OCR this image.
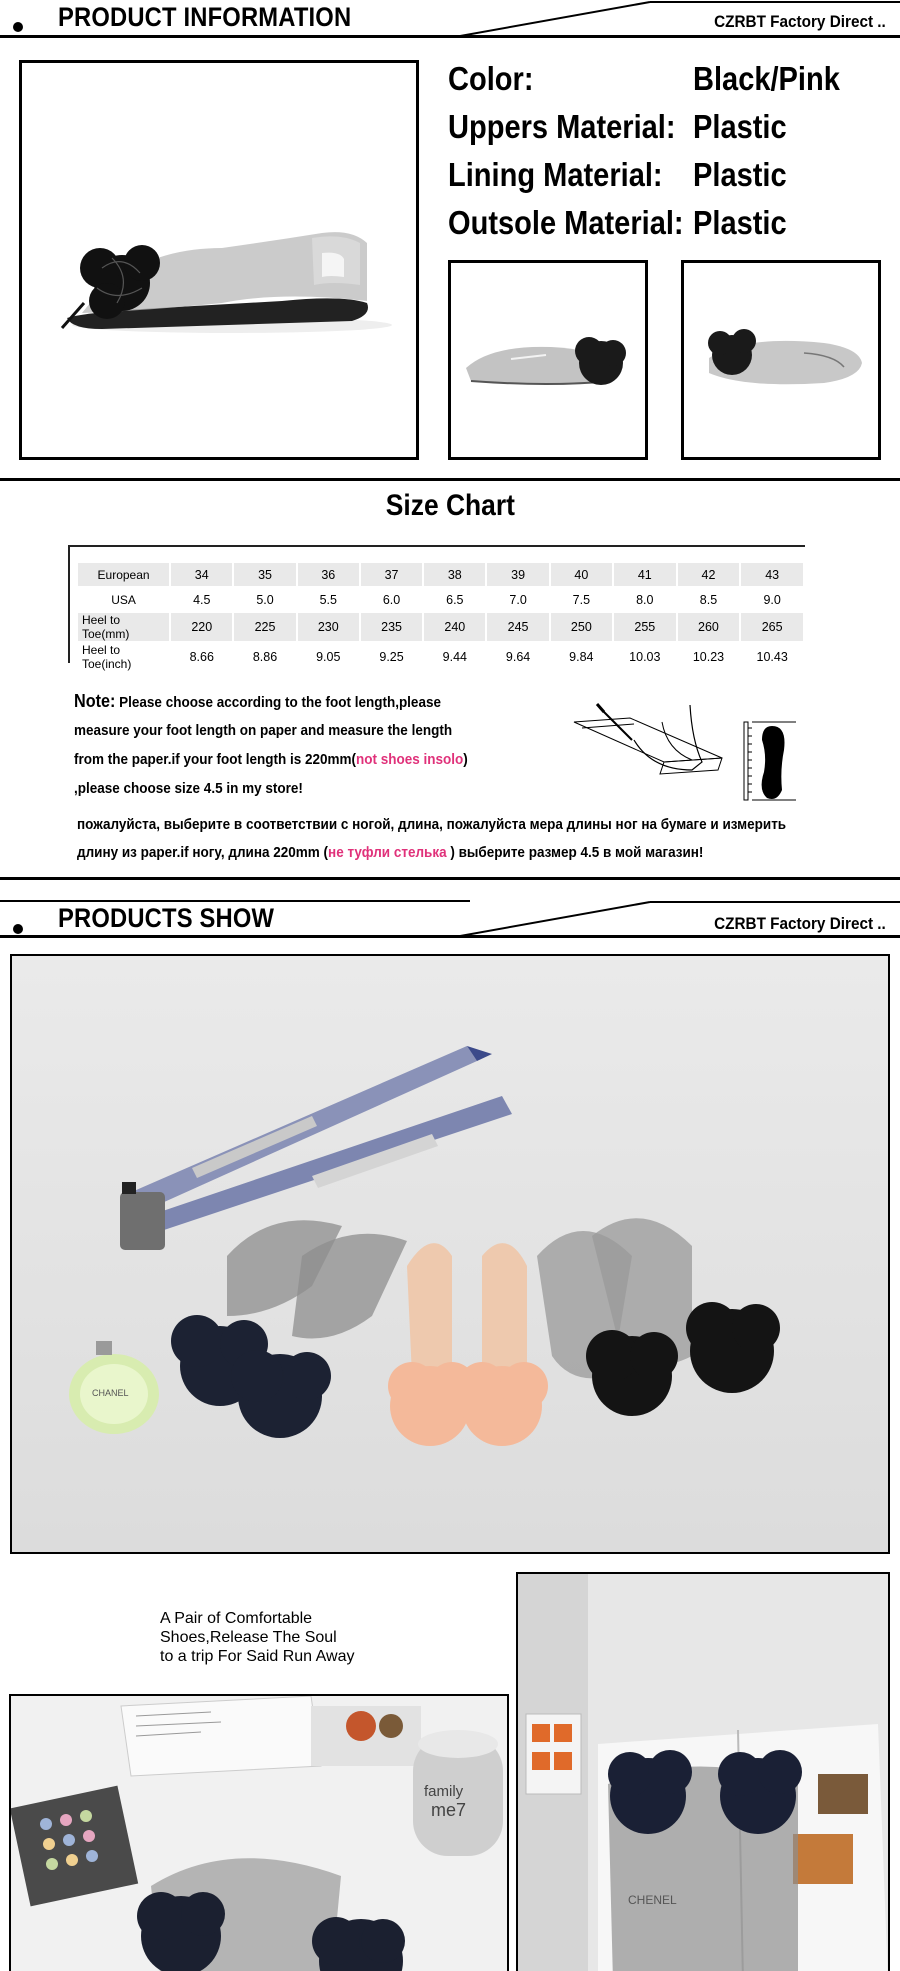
PRODUCT INFORMATION	CZRBT Factory Direct ..
Color:	Black/Pink
Uppers Material: Plastic
Lining Material: Plastic
Outsole Material: Plastic
Size Chart
European	34	35	36	37	38	39	40	41	42	43
USA	4.5	5.0	5.5	6.0	6.5	7.0	7.5	8.0	8.5	9.0
Heel to Toe(mm)	220	225	230	235	240	245	250	255	260	265
Heel to Toe(inch)	8.66	8.86	9.05	9.25	9.44	9.64	9.84	10.03	10.23	10.43
Note: Please choose according to the foot length,please
measure your foot length on paper and measure the length
from the paper.if your foot length is 220mm(not shoes insolo)
,please choose size 4.5 in my store!
пожалуйста, выберите в соответствии с ногой, длина, пожалуйста мера длины ног на бумаге и измерить
длину из paper.if ногу, длина 220mm (не туфли стелька ) выберите размер 4.5 в мой магазин!
PRODUCTS SHOW	CZRBT Factory Direct ..
CHANEL
A Pair of Comfortable
Shoes,Release The Soul
to a trip For Said Run Away
family
me7
CHENEL
